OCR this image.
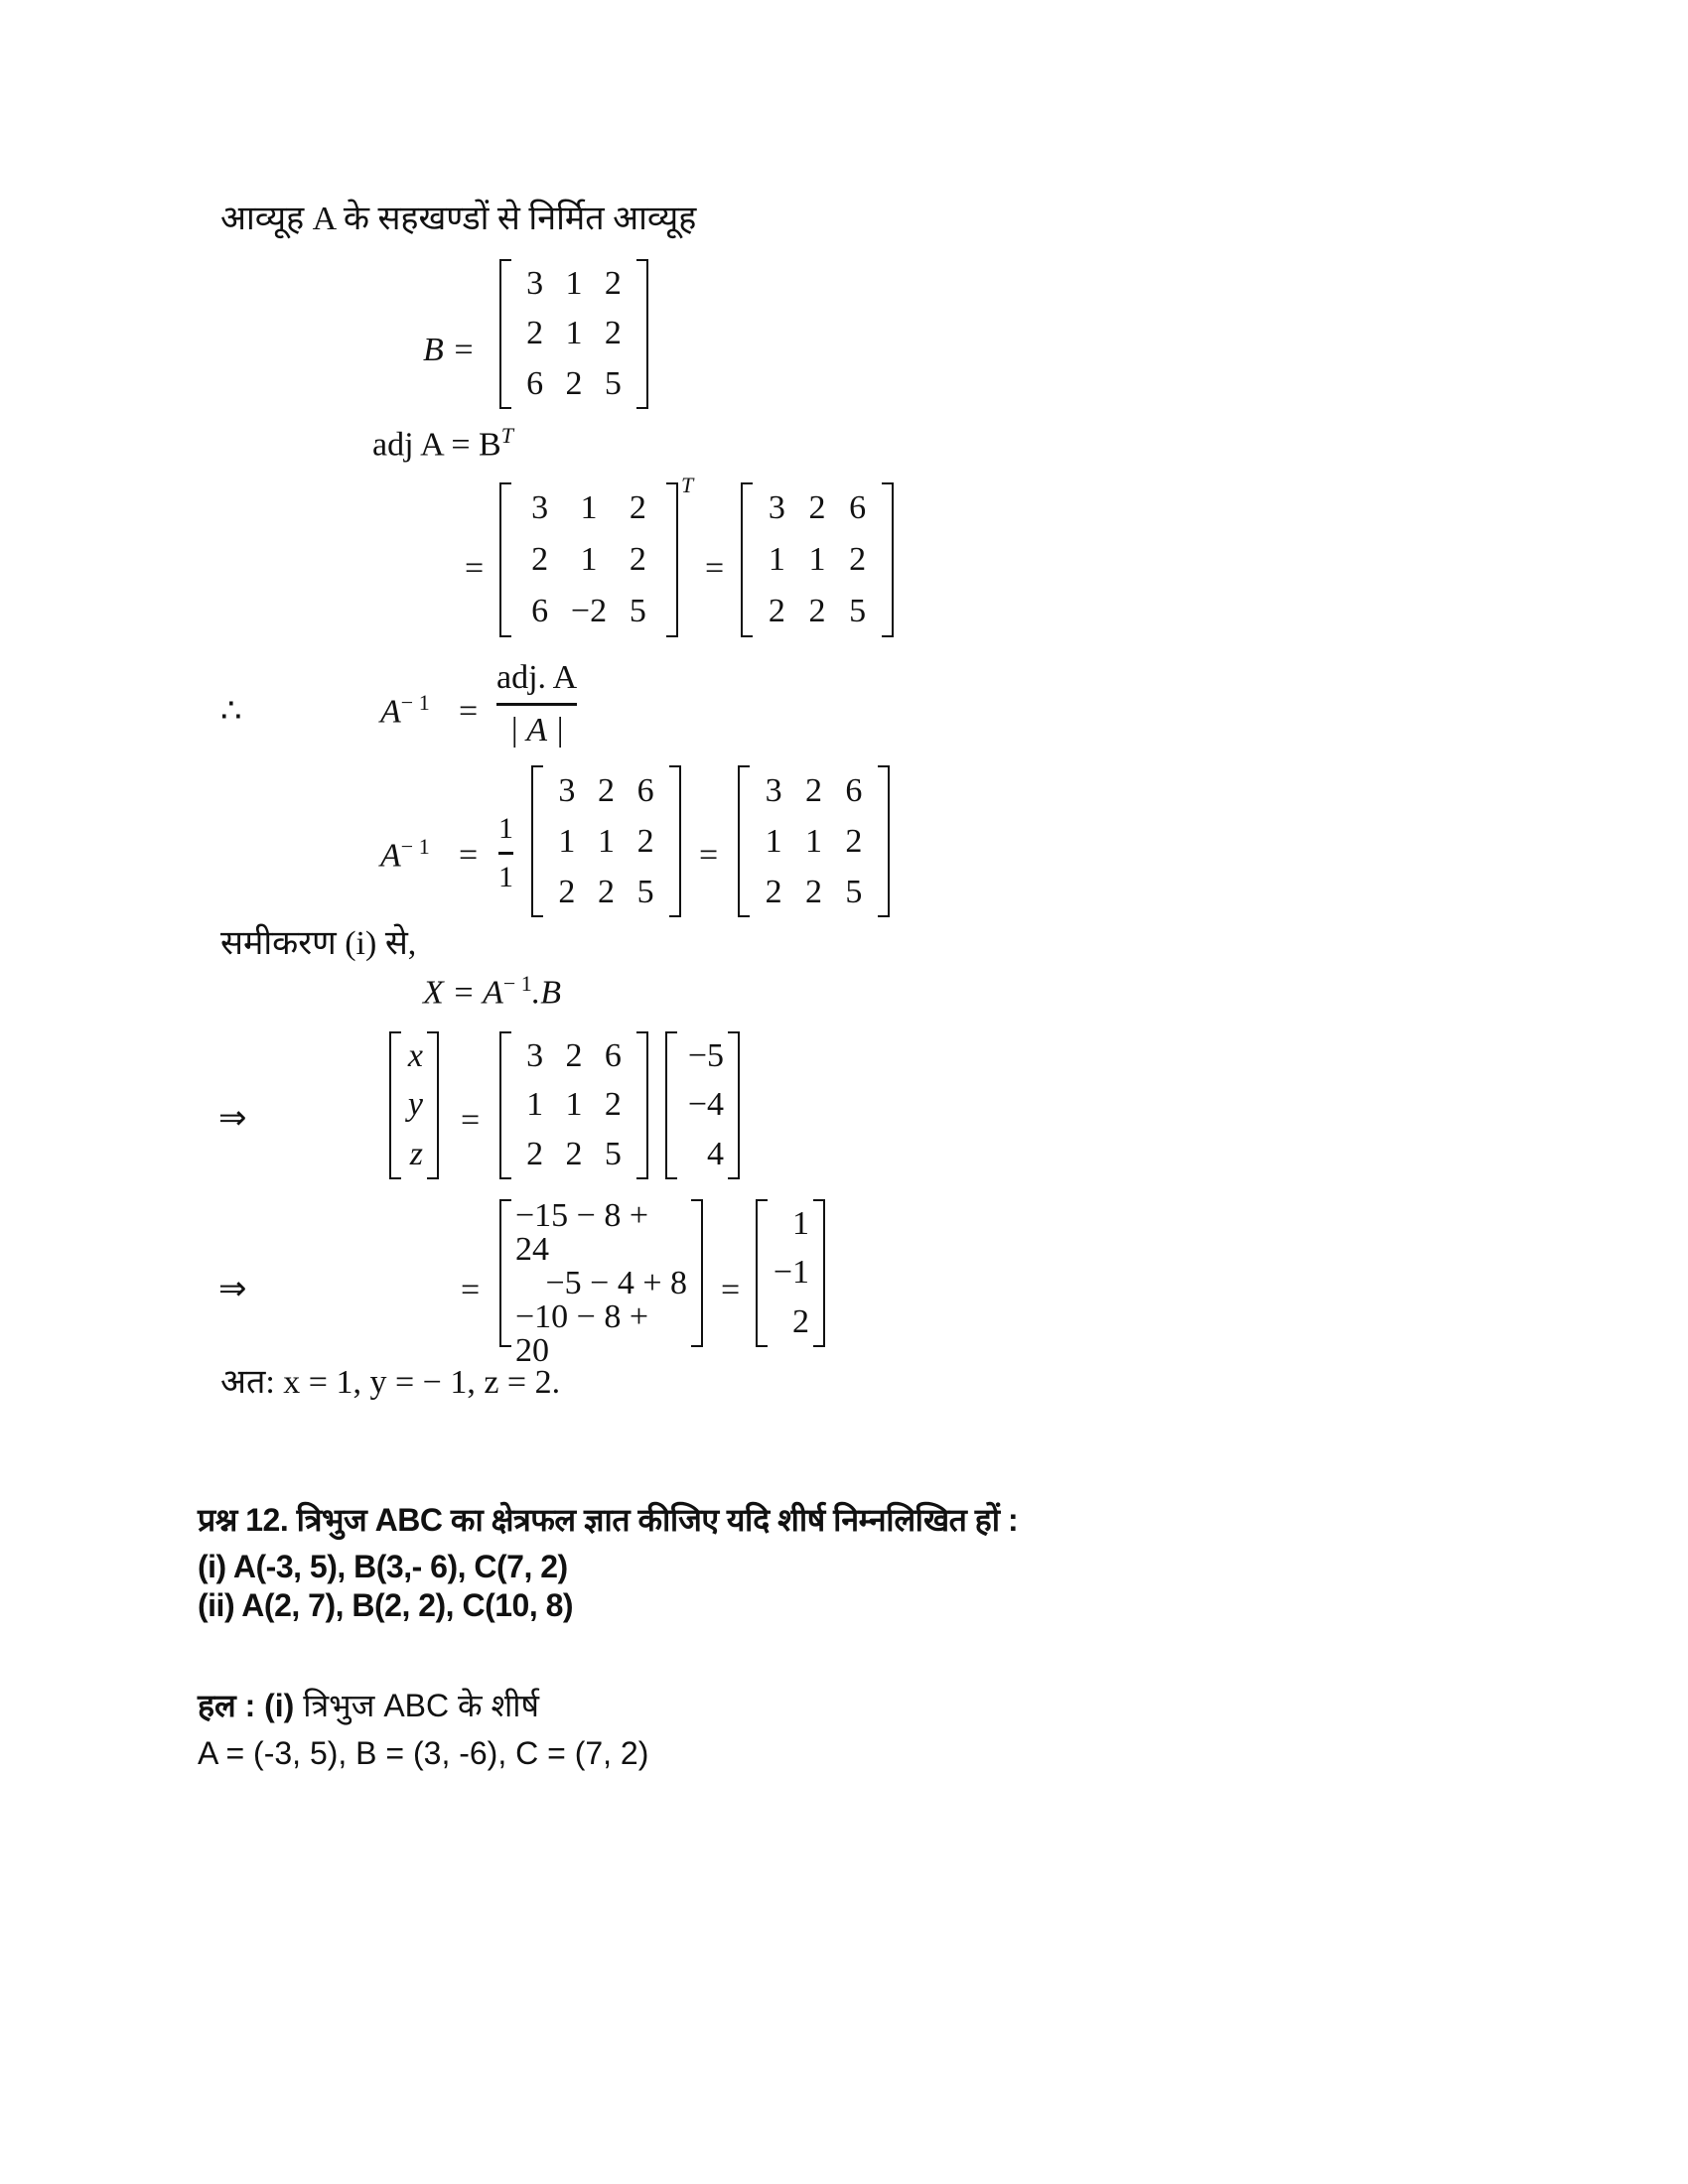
आव्यूह A के सहखण्डों से निर्मित आव्यूह
B =
3 1 2
2 1 2
6 2 5
adj $A = B^T$
=
3 1 2
2 1 2
6 −2 5
T
=
3 2 6
1 1 2
2 2 5
∴	$A^{- 1}$ =
adj. A
| A |
$A^{- 1}$ =
1
1
3 2 6
1 1 2
2 2 5
=
3 2 6
1 1 2
2 2 5
समीकरण (i) से,
$X = A^{- 1}.B$
⇒
x
y
z
=
3 2 6
1 1 2
2 2 5
−5
−4
4
⇒	=
−15 − 8 + 24
−5 − 4 + 8
−10 − 8 + 20
=
1
−1
2
अत: x = 1, y = − 1, z = 2.
प्रश्न 12. त्रिभुज ABC का क्षेत्रफल ज्ञात कीजिए यदि शीर्ष निम्नलिखित हों :
(i) A(-3, 5), B(3,- 6), C(7, 2)
(ii) A(2, 7), B(2, 2), C(10, 8)
हल : (i) त्रिभुज ABC के शीर्ष
A = (-3, 5), B = (3, -6), C = (7, 2)
